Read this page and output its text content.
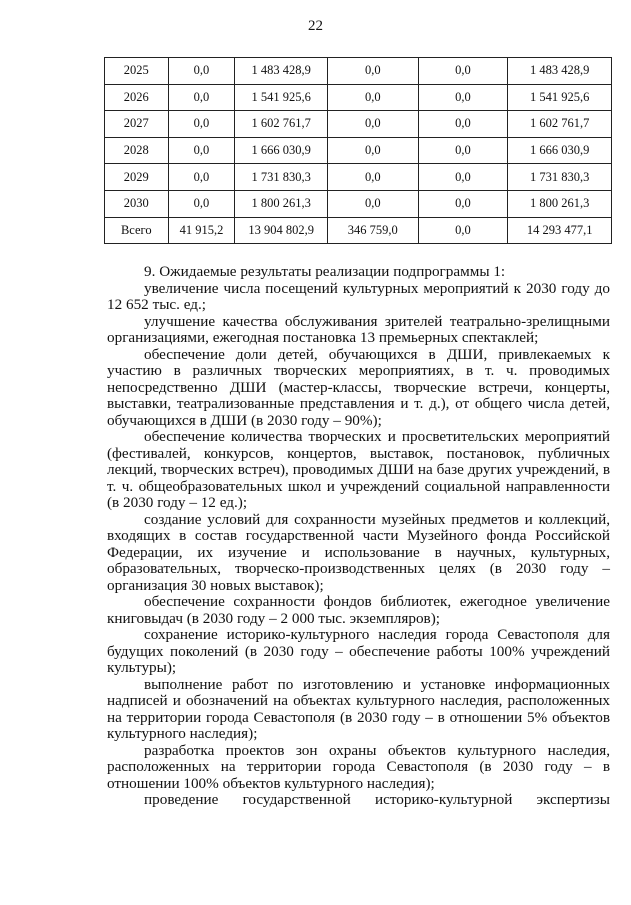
22
2025	0,0	1 483 428,9	0,0	0,0	1 483 428,9
2026	0,0	1 541 925,6	0,0	0,0	1 541 925,6
2027	0,0	1 602 761,7	0,0	0,0	1 602 761,7
2028	0,0	1 666 030,9	0,0	0,0	1 666 030,9
2029	0,0	1 731 830,3	0,0	0,0	1 731 830,3
2030	0,0	1 800 261,3	0,0	0,0	1 800 261,3
Всего	41 915,2	13 904 802,9	346 759,0	0,0	14 293 477,1

9. Ожидаемые результаты реализации подпрограммы 1:

увеличение числа посещений культурных мероприятий к 2030 году до 12 652 тыс. ед.;

улучшение качества обслуживания зрителей театрально-зрелищными организациями, ежегодная постановка 13 премьерных спектаклей;

обеспечение доли детей, обучающихся в ДШИ, привлекаемых к участию в различных творческих мероприятиях, в т. ч. проводимых непосредственно ДШИ (мастер-классы, творческие встречи, концерты, выставки, театрализованные представления и т. д.), от общего числа детей, обучающихся в ДШИ (в 2030 году – 90%);

обеспечение количества творческих и просветительских мероприятий (фестивалей, конкурсов, концертов, выставок, постановок, публичных лекций, творческих встреч), проводимых ДШИ на базе других учреждений, в т. ч. общеобразовательных школ и учреждений социальной направленности (в 2030 году – 12 ед.);

создание условий для сохранности музейных предметов и коллекций, входящих в состав государственной части Музейного фонда Российской Федерации, их изучение и использование в научных, культурных, образовательных, творческо-производственных целях (в 2030 году – организация 30 новых выставок);

обеспечение сохранности фондов библиотек, ежегодное увеличение книговыдач (в 2030 году – 2 000 тыс. экземпляров);

сохранение историко-культурного наследия города Севастополя для будущих поколений (в 2030 году – обеспечение работы 100% учреждений культуры);

выполнение работ по изготовлению и установке информационных надписей и обозначений на объектах культурного наследия, расположенных на территории города Севастополя (в 2030 году – в отношении 5% объектов культурного наследия);

разработка проектов зон охраны объектов культурного наследия, расположенных на территории города Севастополя (в 2030 году – в отношении 100% объектов культурного наследия);

проведение государственной историко-культурной экспертизы
